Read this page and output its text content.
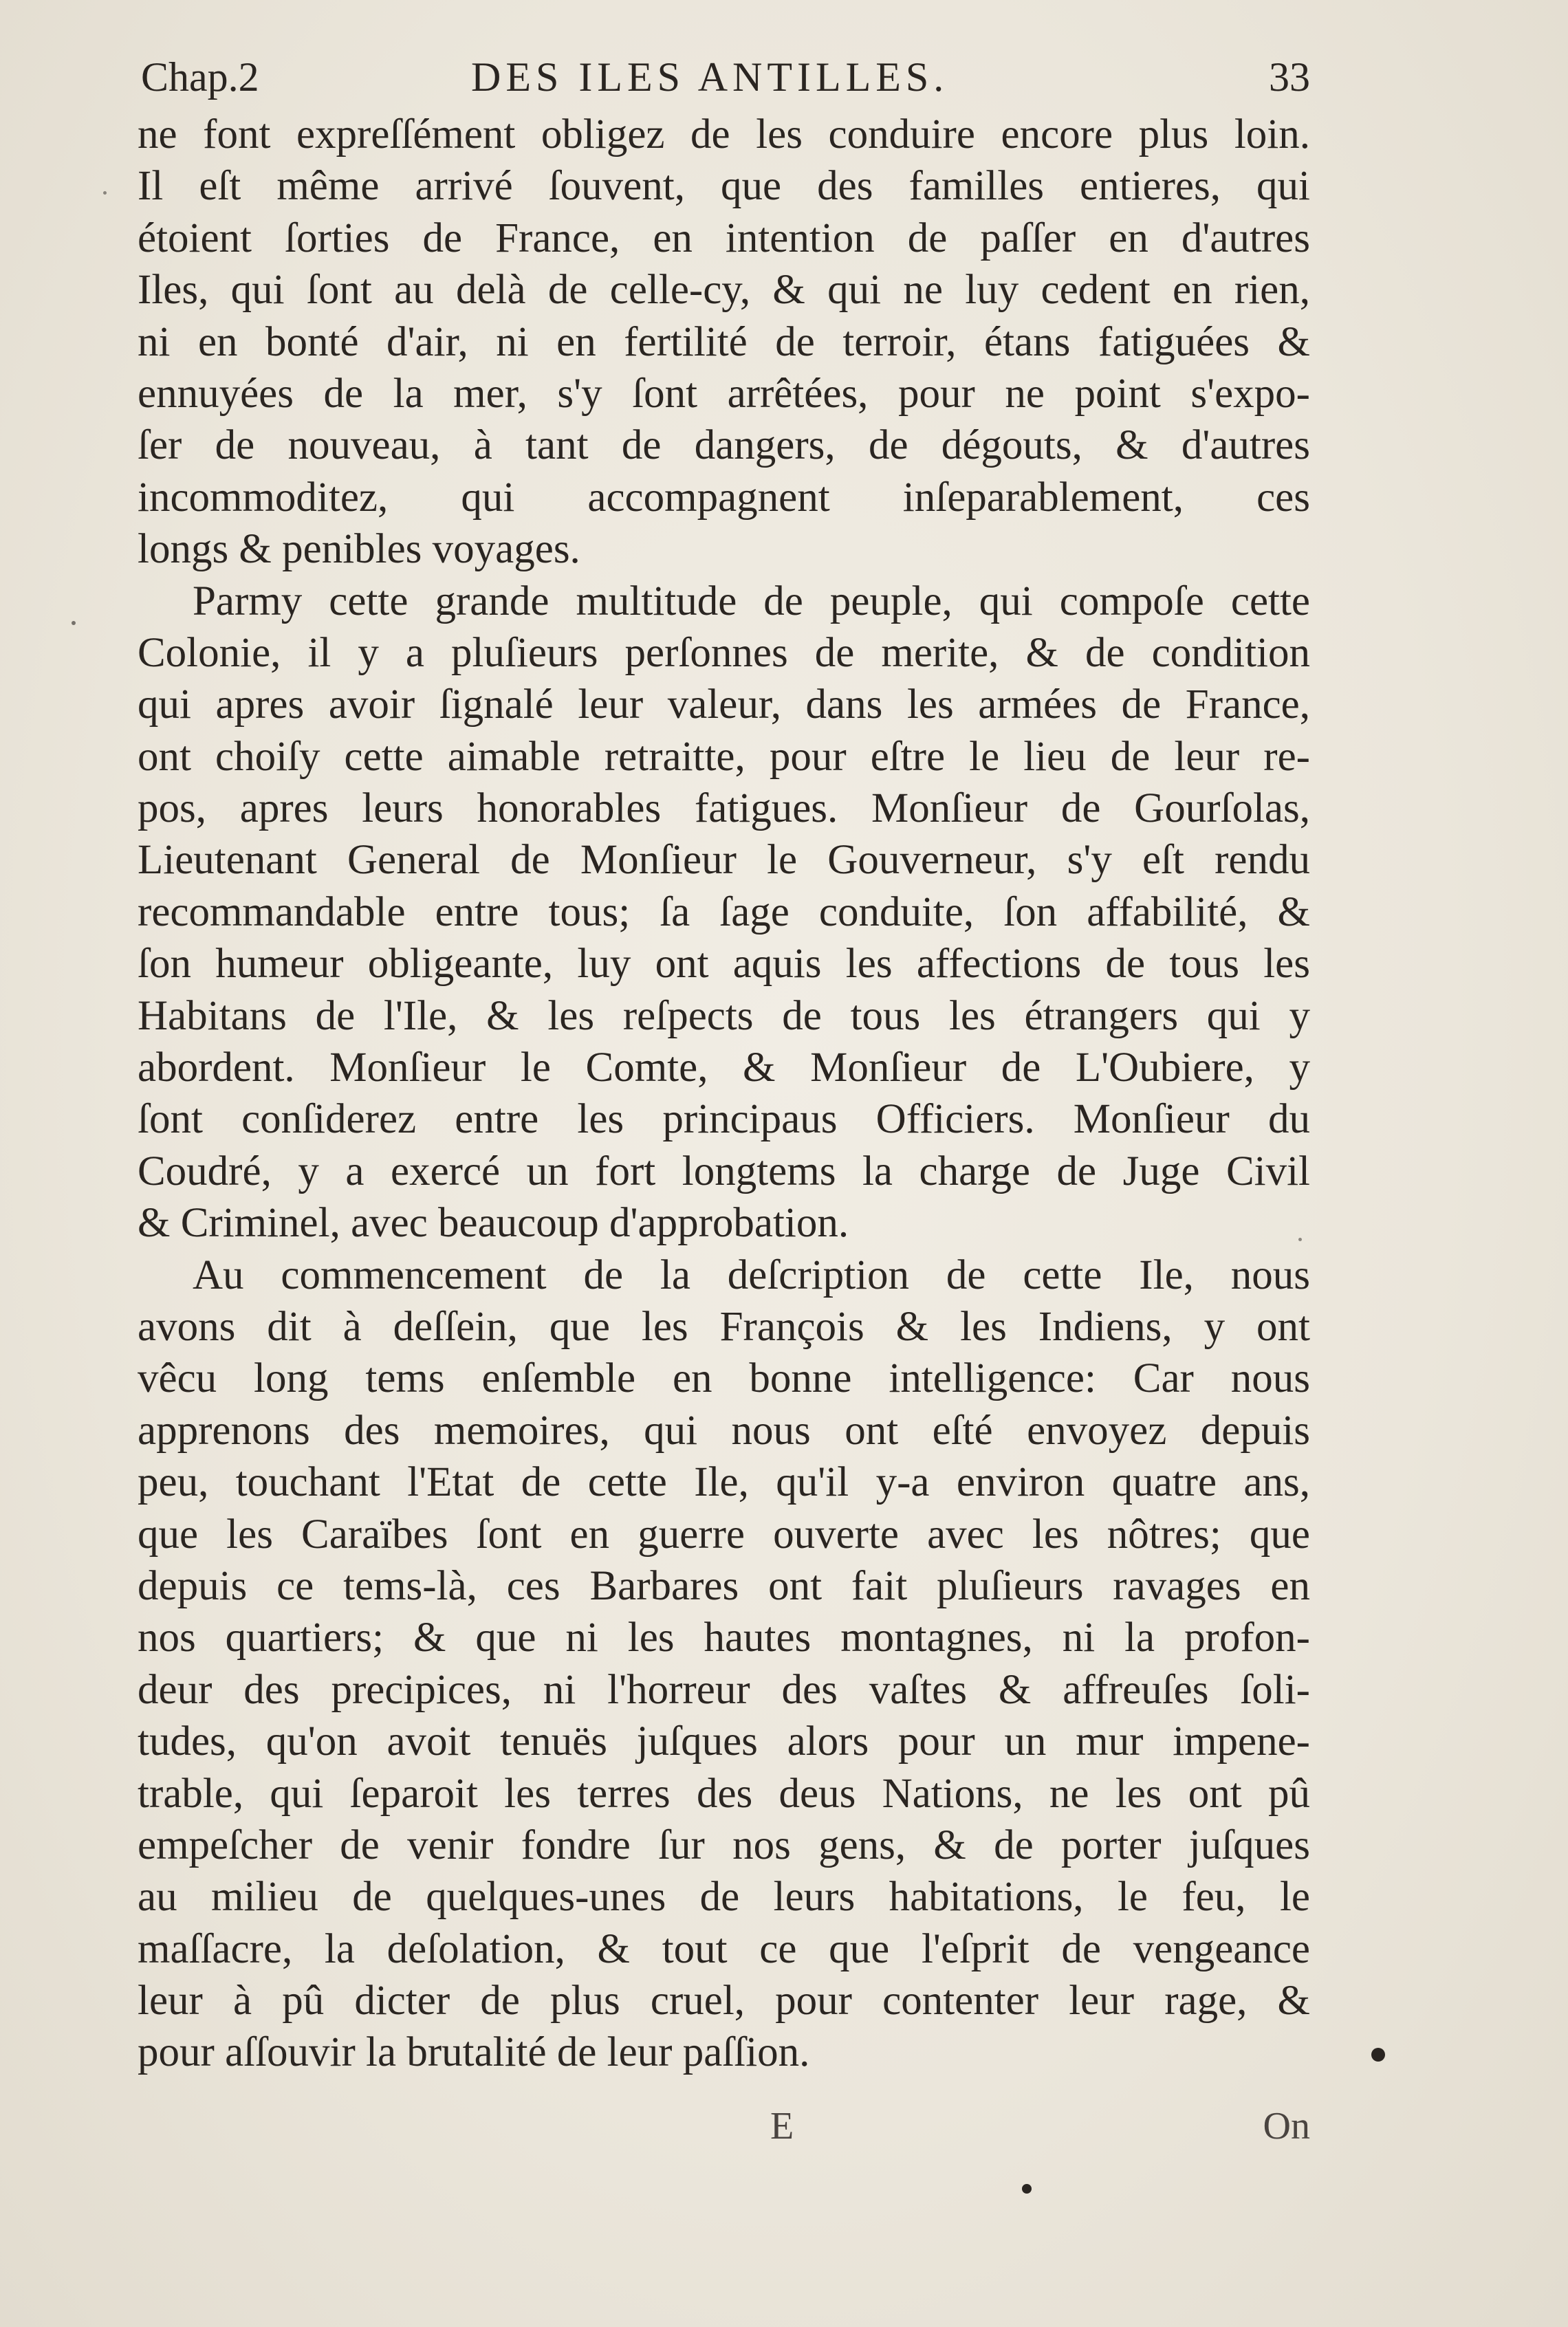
Chap.2	DES ILES ANTILLES.	33
ne font expreſſément obligez de les conduire encore plus loin.
Il eſt même arrivé ſouvent, que des familles entieres, qui
étoient ſorties de France, en intention de paſſer en d'autres
Iles, qui ſont au delà de celle-cy, & qui ne luy cedent en rien,
ni en bonté d'air, ni en fertilité de terroir, étans fatiguées &
ennuyées de la mer, s'y ſont arrêtées, pour ne point s'expo-
ſer de nouveau, à tant de dangers, de dégouts, & d'autres
incommoditez, qui accompagnent inſeparablement, ces
longs & penibles voyages.
Parmy cette grande multitude de peuple, qui compoſe cette
Colonie, il y a pluſieurs perſonnes de merite, & de condition
qui apres avoir ſignalé leur valeur, dans les armées de France,
ont choiſy cette aimable retraitte, pour eſtre le lieu de leur re-
pos, apres leurs honorables fatigues. Monſieur de Gourſolas,
Lieutenant General de Monſieur le Gouverneur, s'y eſt rendu
recommandable entre tous; ſa ſage conduite, ſon affabilité, &
ſon humeur obligeante, luy ont aquis les affections de tous les
Habitans de l'Ile, & les reſpects de tous les étrangers qui y
abordent. Monſieur le Comte, & Monſieur de L'Oubiere, y
ſont conſiderez entre les principaus Officiers. Monſieur du
Coudré, y a exercé un fort longtems la charge de Juge Civil
& Criminel, avec beaucoup d'approbation.
Au commencement de la deſcription de cette Ile, nous
avons dit à deſſein, que les François & les Indiens, y ont
vêcu long tems enſemble en bonne intelligence: Car nous
apprenons des memoires, qui nous ont eſté envoyez depuis
peu, touchant l'Etat de cette Ile, qu'il y-a environ quatre ans,
que les Caraïbes ſont en guerre ouverte avec les nôtres; que
depuis ce tems-là, ces Barbares ont fait pluſieurs ravages en
nos quartiers; & que ni les hautes montagnes, ni la profon-
deur des precipices, ni l'horreur des vaſtes & affreuſes ſoli-
tudes, qu'on avoit tenuës juſques alors pour un mur impene-
trable, qui ſeparoit les terres des deus Nations, ne les ont pû
empeſcher de venir fondre ſur nos gens, & de porter juſques
au milieu de quelques-unes de leurs habitations, le feu, le
maſſacre, la deſolation, & tout ce que l'eſprit de vengeance
leur à pû dicter de plus cruel, pour contenter leur rage, &
pour aſſouvir la brutalité de leur paſſion.
E	On
